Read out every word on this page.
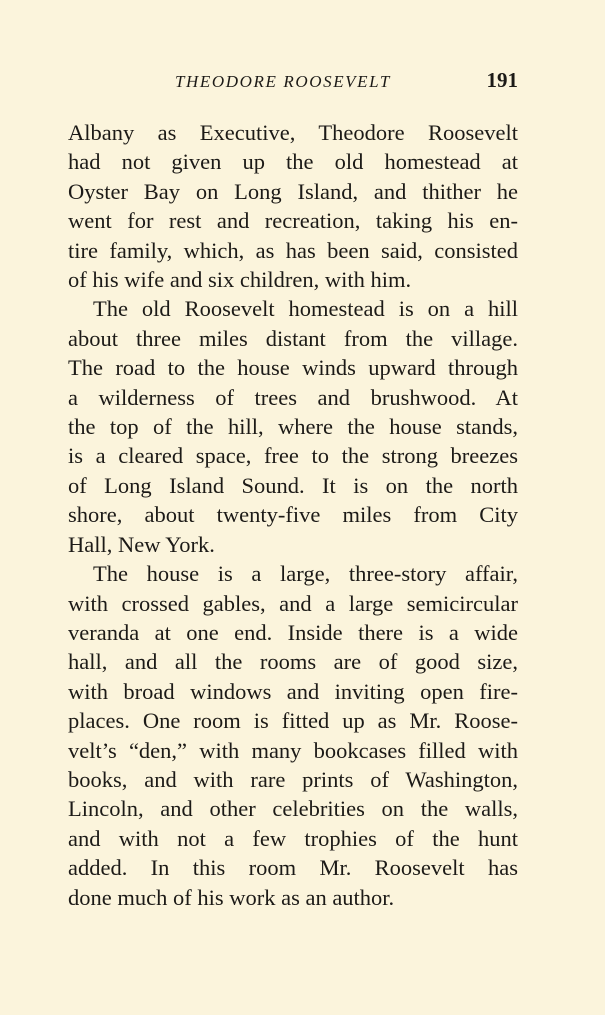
THEODORE ROOSEVELT	191

Albany as Executive, Theodore Roosevelt
had not given up the old homestead at
Oyster Bay on Long Island, and thither he
went for rest and recreation, taking his en-
tire family, which, as has been said, consisted
of his wife and six children, with him.

The old Roosevelt homestead is on a hill
about three miles distant from the village.
The road to the house winds upward through
a wilderness of trees and brushwood. At
the top of the hill, where the house stands,
is a cleared space, free to the strong breezes
of Long Island Sound. It is on the north
shore, about twenty-five miles from City
Hall, New York.

The house is a large, three-story affair,
with crossed gables, and a large semicircular
veranda at one end. Inside there is a wide
hall, and all the rooms are of good size,
with broad windows and inviting open fire-
places. One room is fitted up as Mr. Roose-
velt’s “den,” with many bookcases filled with
books, and with rare prints of Washington,
Lincoln, and other celebrities on the walls,
and with not a few trophies of the hunt
added. In this room Mr. Roosevelt has
done much of his work as an author.
